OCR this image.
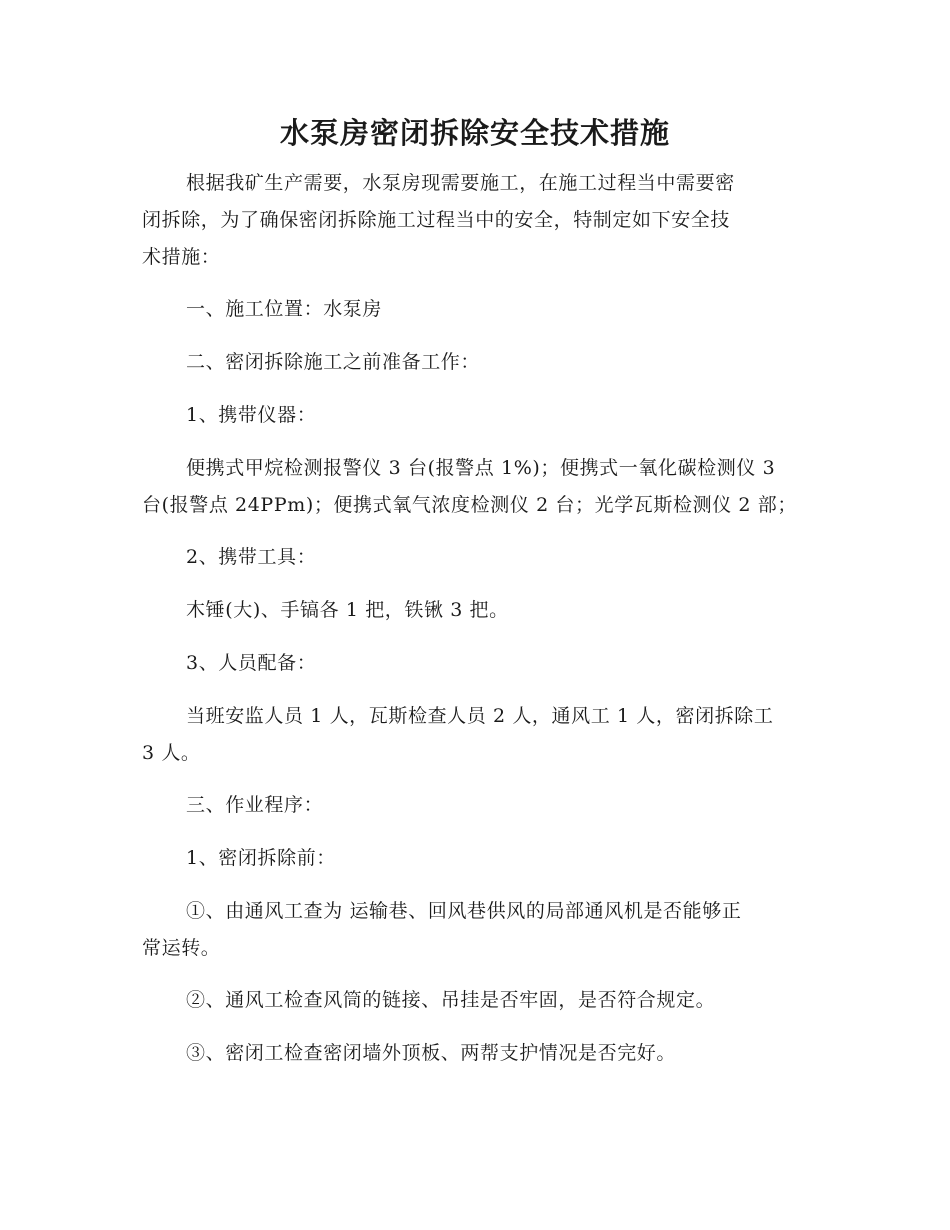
水泵房密闭拆除安全技术措施
根据我矿生产需要，水泵房现需要施工，在施工过程当中需要密
闭拆除，为了确保密闭拆除施工过程当中的安全，特制定如下安全技
术措施：
一、施工位置：水泵房
二、密闭拆除施工之前准备工作：
1、携带仪器：
便携式甲烷检测报警仪 3 台(报警点 1%)；便携式一氧化碳检测仪 3
台(报警点 24PPm)；便携式氧气浓度检测仪 2 台；光学瓦斯检测仪 2 部；
2、携带工具：
木锤(大)、手镐各 1 把，铁锹 3 把。
3、人员配备：
当班安监人员 1 人，瓦斯检查人员 2 人，通风工 1 人，密闭拆除工
3 人。
三、作业程序：
1、密闭拆除前：
①、由通风工查为 运输巷、回风巷供风的局部通风机是否能够正
常运转。
②、通风工检查风筒的链接、吊挂是否牢固，是否符合规定。
③、密闭工检查密闭墙外顶板、两帮支护情况是否完好。
